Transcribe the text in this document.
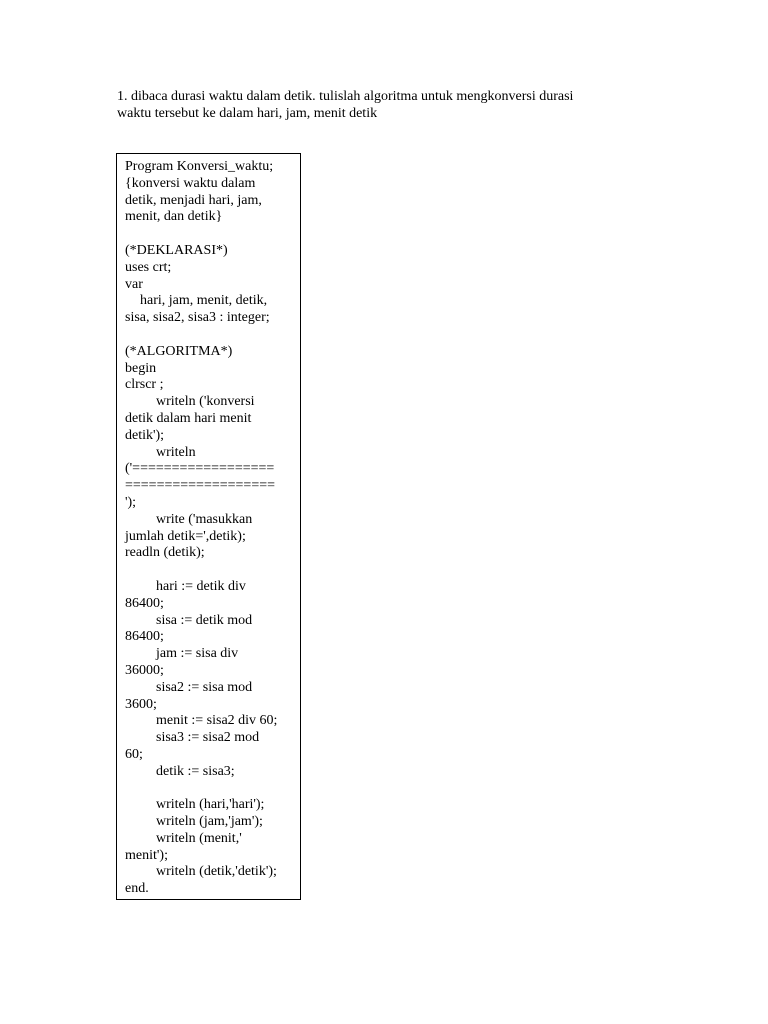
1. dibaca durasi waktu dalam detik. tulislah algoritma untuk mengkonversi durasi
waktu tersebut ke dalam hari, jam, menit detik

Program Konversi_waktu;
{konversi waktu dalam
detik, menjadi hari, jam,
menit, dan detik}
(*DEKLARASI*)
uses crt;
var
hari, jam, menit, detik,
sisa, sisa2, sisa3 : integer;
(*ALGORITMA*)
begin
clrscr ;
writeln ('konversi
detik dalam hari menit
detik');
writeln
('==================
===================
');
write ('masukkan
jumlah detik=',detik);
readln (detik);
hari := detik div
86400;
sisa := detik mod
86400;
jam := sisa div
36000;
sisa2 := sisa mod
3600;
menit := sisa2 div 60;
sisa3 := sisa2 mod
60;
detik := sisa3;
writeln (hari,'hari');
writeln (jam,'jam');
writeln (menit,'
menit');
writeln (detik,'detik');
end.
